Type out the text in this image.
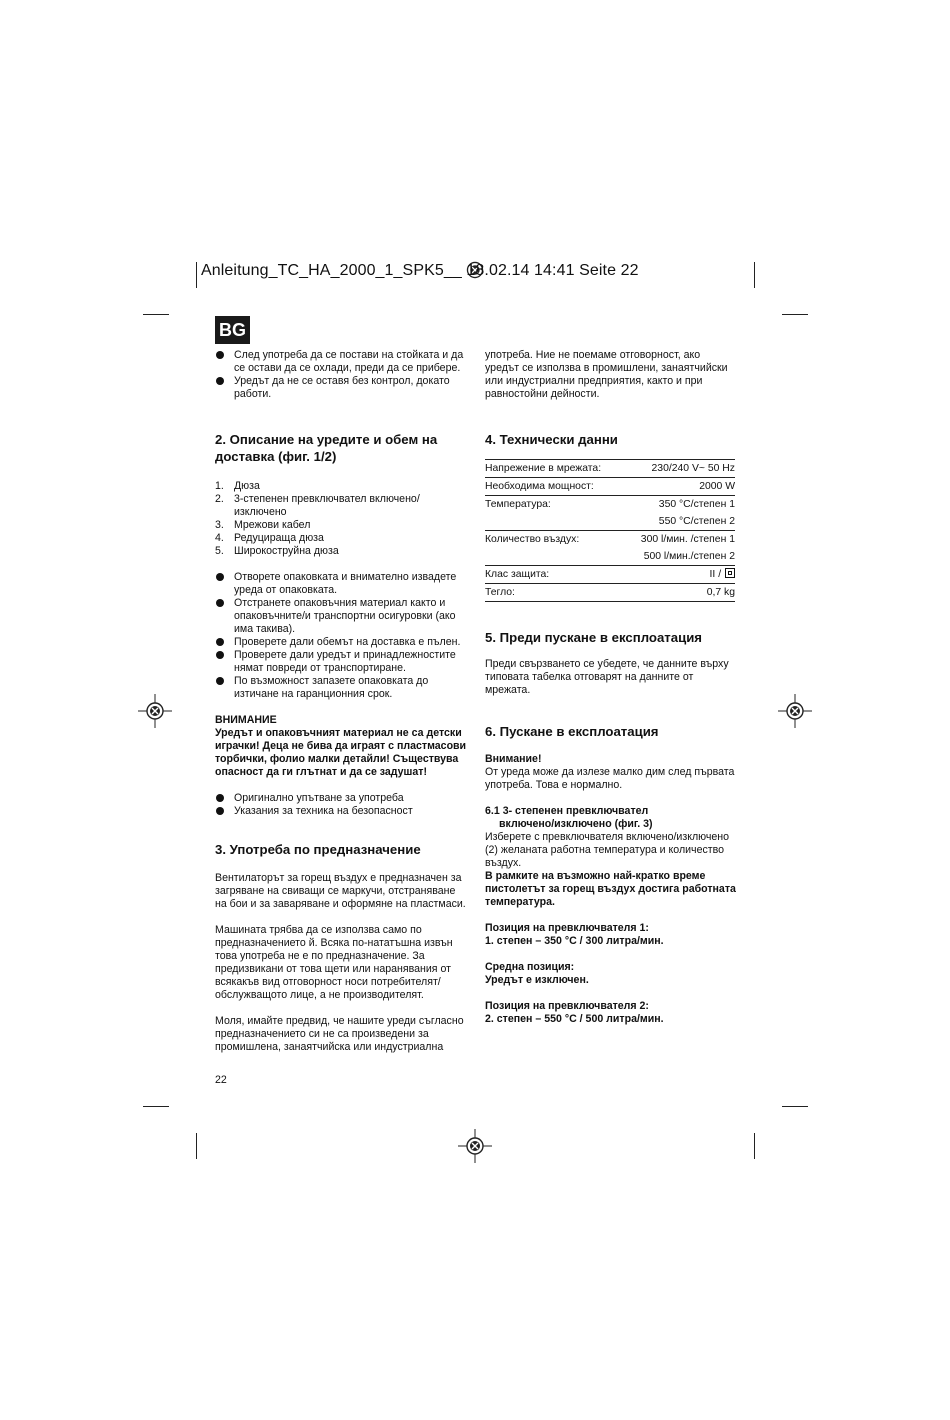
Anleitung_TC_HA_2000_1_SPK5__ 18.02.14 14:41 Seite 22
BG
След употреба да се постави на стойката и да се остави да се охлади, преди да се прибере.
Уредът да не се оставя без контрол, докато работи.
2. Описание на уредите и обем на доставка (фиг. 1/2)
1. Дюза
2. 3-степенен превключвател включено/изключено
3. Мрежови кабел
4. Редуцираща дюза
5. Широкоструйна дюза
Отворете опаковката и внимателно извадете уреда от опаковката.
Отстранете опаковъчния материал както и опаковъчните/и транспортни осигуровки (ако има такива).
Проверете дали обемът на доставка е пълен.
Проверете дали уредът и принадлежностите нямат повреди от транспортиране.
По възможност запазете опаковката до изтичане на гаранционния срок.

ВНИМАНИЕ

Уредът и опаковъчният материал не са детски играчки! Деца не бива да играят с пластмасови торбички, фолио малки детайли! Съществува опасност да ги глътнат и да се задушат!

Оригинално упътване за употреба
Указания за техника на безопасност
3. Употреба по предназначение

Вентилаторът за горещ въздух е предназначен за загряване на свиващи се маркучи, отстраняване на бои и за заваряване и оформяне на пластмаси.

Машината трябва да се използва само по предназначението й. Всяка по-нататъшна извън това употреба не е по предназначение. За предизвикани от това щети или наранявания от всякакъв вид отговорност носи потребителят/обслужващото лице, а не производителят.

Моля, имайте предвид, че нашите уреди съгласно предназначението си не са произведени за промишлена, занаятчийска или индустриална

употреба. Ние не поемаме отговорност, ако уредът се използва в промишлени, занаятчийски или индустриални предприятия, както и при равностойни дейности.

4. Технически данни
Напрежение в мрежата:	230/240 V~ 50 Hz
Необходима мощност:	2000 W
Температура:	350 °C/степен 1
550 °C/степен 2
Количество въздух:	300 l/мин. /степен 1
500 l/мин./степен 2
Клас защита:	II /
Тегло:	0,7 kg
5. Преди пускане в експлоатация

Преди свързването се убедете, че данните върху типовата табелка отговарят на данните от мрежата.

6. Пускане в експлоатация

Внимание!

От уреда може да излезе малко дим след първата употреба. Това е нормално.

6.1 3- степенен превключвател

включено/изключено (фиг. 3)

Изберете с превключвателя включено/изключено (2) желаната работна температура и количество въздух.

В рамките на възможно най-кратко време пистолетът за горещ въздух достига работната температура.

Позиция на превключвателя 1:

1. степен – 350 °C / 300 литра/мин.

Средна позиция:

Уредът е изключен.

Позиция на превключвателя 2:

2. степен – 550 °C / 500 литра/мин.

22
